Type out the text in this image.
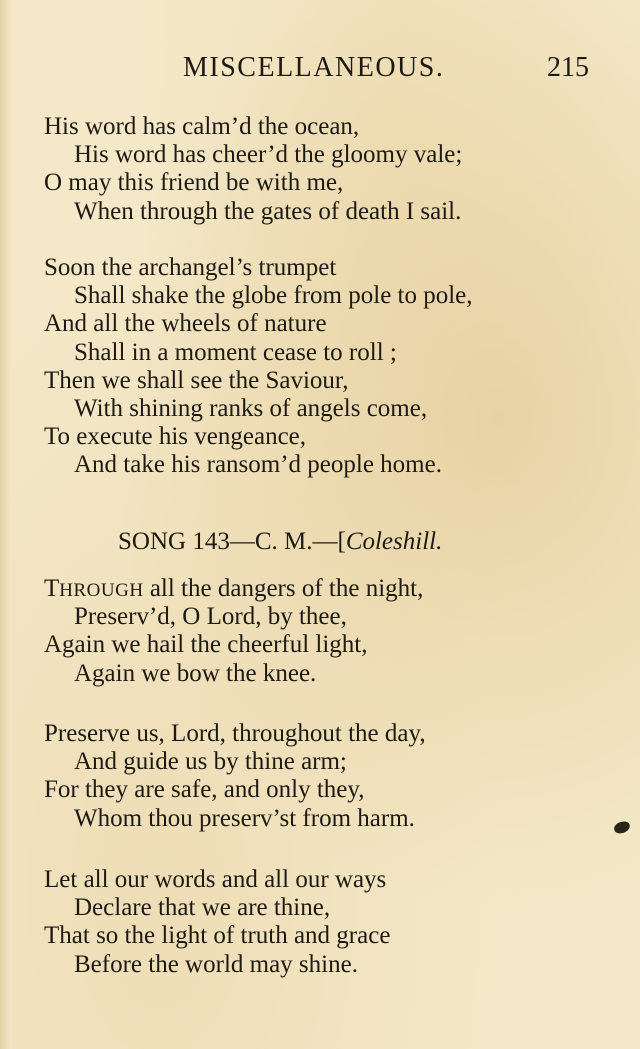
MISCELLANEOUS.	215
His word has calm’d the ocean,
His word has cheer’d the gloomy vale;
O may this friend be with me,
When through the gates of death I sail.
Soon the archangel’s trumpet
Shall shake the globe from pole to pole,
And all the wheels of nature
Shall in a moment cease to roll ;
Then we shall see the Saviour,
With shining ranks of angels come,
To execute his vengeance,
And take his ransom’d people home.
SONG 143—C. M.—[Coleshill.
THROUGH all the dangers of the night,
Preserv’d, O Lord, by thee,
Again we hail the cheerful light,
Again we bow the knee.
Preserve us, Lord, throughout the day,
And guide us by thine arm;
For they are safe, and only they,
Whom thou preserv’st from harm.
Let all our words and all our ways
Declare that we are thine,
That so the light of truth and grace
Before the world may shine.
